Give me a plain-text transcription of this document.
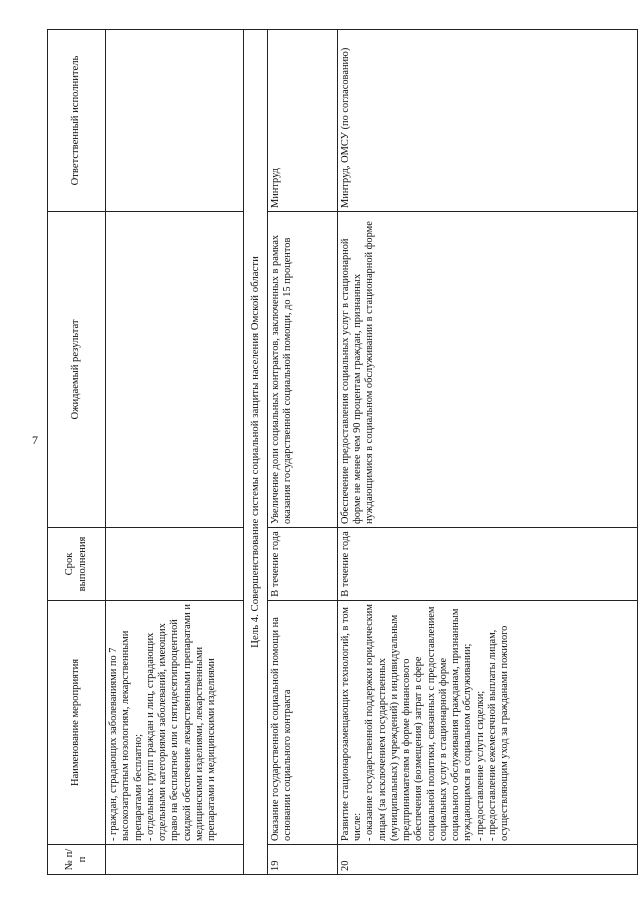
7
№ п/п	Наименование мероприятия	Срок выполнения	Ожидаемый результат	Ответственный исполнитель
	- граждан, страдающих заболеваниями по 7 высокозатратным нозологиям, лекарственными препаратами бесплатно;
- отдельных групп граждан и лиц, страдающих отдельными категориями заболеваний, имеющих право на бесплатное или с пятидесятипроцентной скидкой обеспечение лекарственными препаратами и медицинскими изделиями, лекарственными препаратами и медицинскими изделиями			
Цель 4. Совершенствование системы социальной защиты населения Омской области				
19	Оказание государственной социальной помощи на основании социального контракта	В течение года	Увеличение доли социальных контрактов, заключенных в рамках оказания государственной социальной помощи, до 15 процентов	Минтруд
20	Развитие стационарозамещающих технологий, в том числе:
- оказание государственной поддержки юридическим лицам (за исключением государственных (муниципальных) учреждений) и индивидуальным предпринимателям в форме финансового обеспечения (возмещения) затрат в сфере социальной политики, связанных с предоставлением социальных услуг в стационарной форме социального обслуживания гражданам, признанным нуждающимся в социальном обслуживании;
- предоставление услуги сиделки;
- предоставление ежемесячной выплаты лицам, осуществляющим уход за гражданами пожилого	В течение года	Обеспечение предоставления социальных услуг в стационарной форме не менее чем 90 процентам граждан, признанных нуждающимися в социальном обслуживании в стационарной форме	Минтруд, ОМСУ (по согласованию)
